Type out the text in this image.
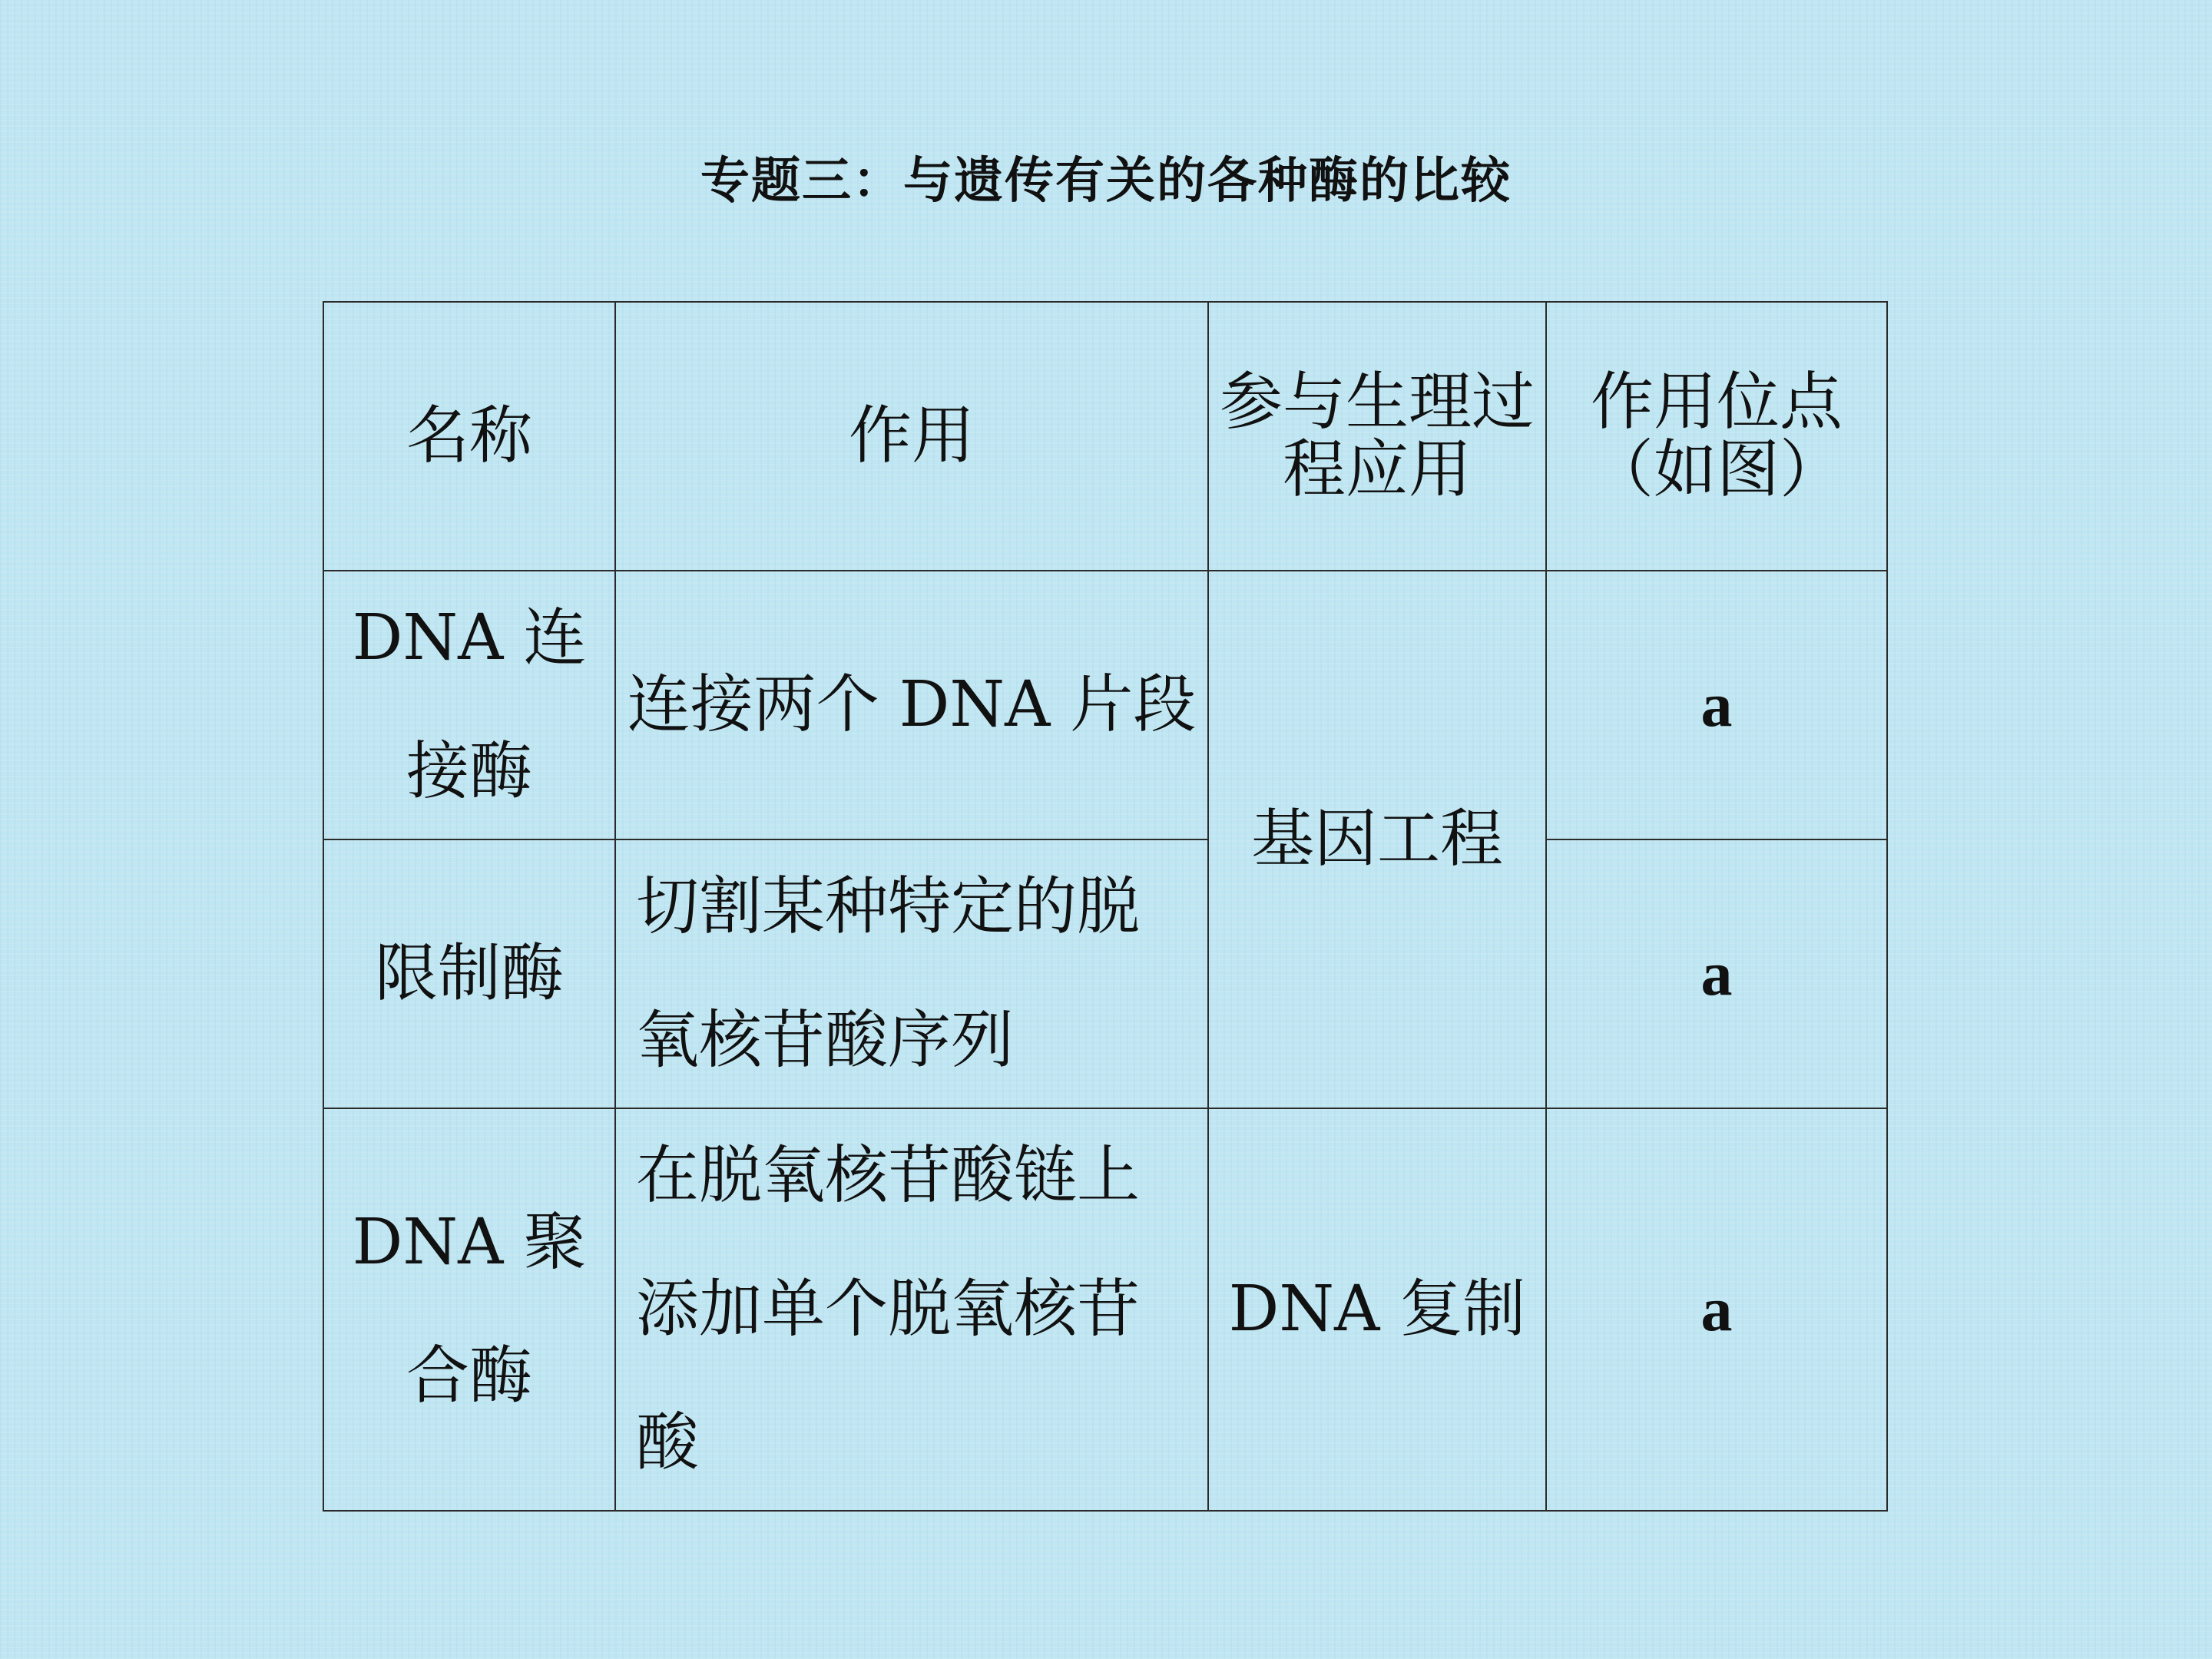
专题三：与遗传有关的各种酶的比较
名称	作用	参与生理过程应用	作用位点（如图）
DNA 连接酶	连接两个 DNA 片段	基因工程	a
限制酶	切割某种特定的脱氧核苷酸序列		a
DNA 聚合酶	在脱氧核苷酸链上添加单个脱氧核苷酸	DNA 复制	a
